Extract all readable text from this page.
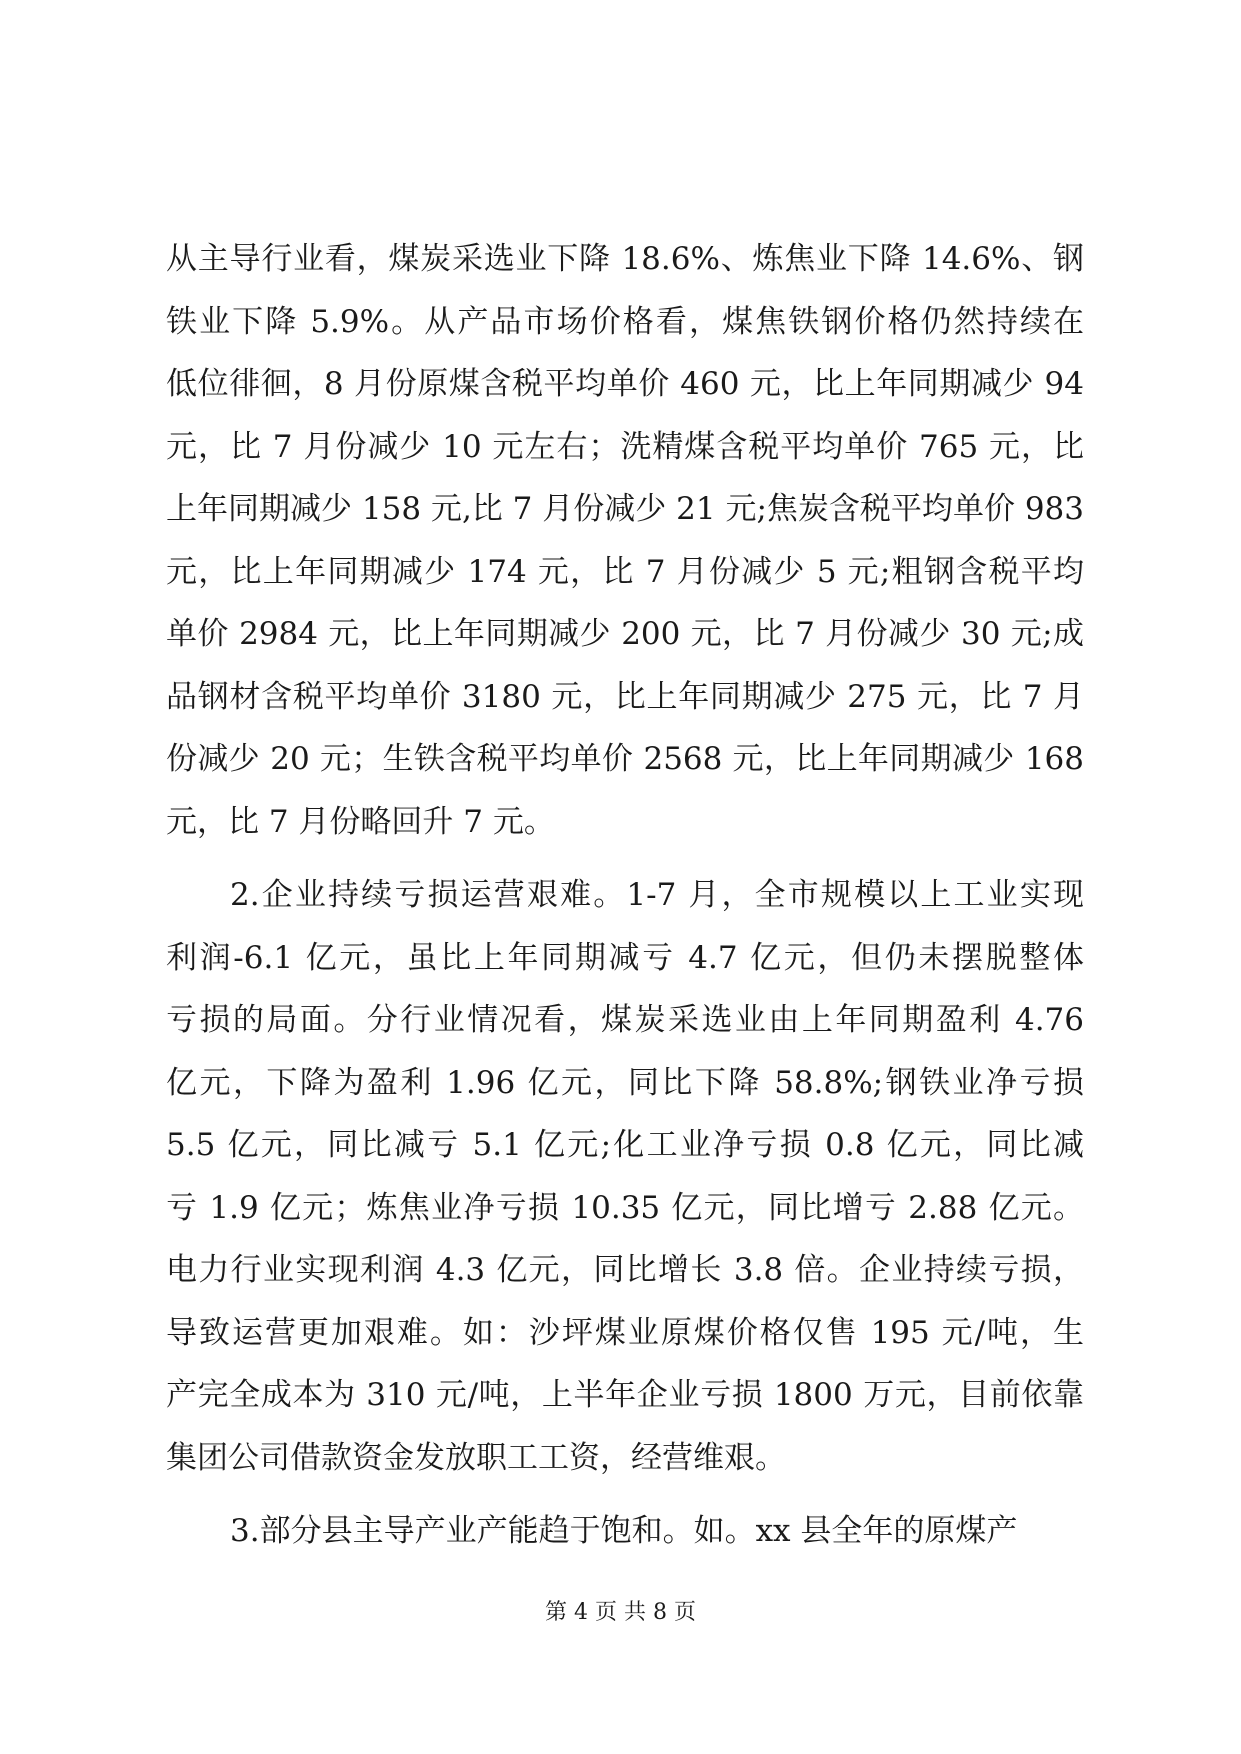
从主导行业看，煤炭采选业下降 18.6%、炼焦业下降 14.6%、钢
铁业下降 5.9%。从产品市场价格看，煤焦铁钢价格仍然持续在
低位徘徊，8 月份原煤含税平均单价 460 元，比上年同期减少 94
元，比 7 月份减少 10 元左右；洗精煤含税平均单价 765 元，比
上年同期减少 158 元,比 7 月份减少 21 元;焦炭含税平均单价 983
元，比上年同期减少 174 元，比 7 月份减少 5 元;粗钢含税平均
单价 2984 元，比上年同期减少 200 元，比 7 月份减少 30 元;成
品钢材含税平均单价 3180 元，比上年同期减少 275 元，比 7 月
份减少 20 元；生铁含税平均单价 2568 元，比上年同期减少 168
元，比 7 月份略回升 7 元。
2.企业持续亏损运营艰难。1-7 月，全市规模以上工业实现
利润-6.1 亿元，虽比上年同期减亏 4.7 亿元，但仍未摆脱整体
亏损的局面。分行业情况看，煤炭采选业由上年同期盈利 4.76
亿元，下降为盈利 1.96 亿元，同比下降 58.8%;钢铁业净亏损
5.5 亿元，同比减亏 5.1 亿元;化工业净亏损 0.8 亿元，同比减
亏 1.9 亿元；炼焦业净亏损 10.35 亿元，同比增亏 2.88 亿元。
电力行业实现利润 4.3 亿元，同比增长 3.8 倍。企业持续亏损，
导致运营更加艰难。如：沙坪煤业原煤价格仅售 195 元/吨，生
产完全成本为 310 元/吨，上半年企业亏损 1800 万元，目前依靠
集团公司借款资金发放职工工资，经营维艰。
3.部分县主导产业产能趋于饱和。如。xx 县全年的原煤产
第 4 页 共 8 页
